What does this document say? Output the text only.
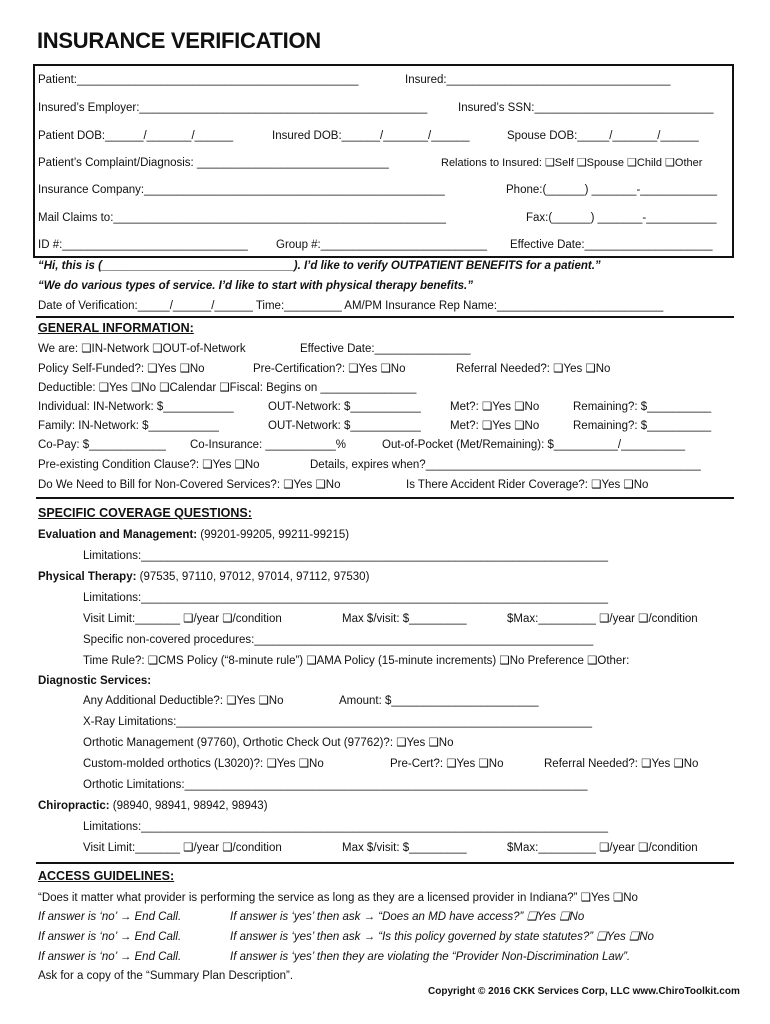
INSURANCE VERIFICATION
Patient:____________________________________________	Insured:___________________________________
Insured’s Employer:_____________________________________________	Insured’s SSN:____________________________
Patient DOB:______/_______/______	Insured DOB:______/_______/______	Spouse DOB:_____/_______/______
Patient’s Complaint/Diagnosis: ______________________________	Relations to Insured: ❑Self ❑Spouse ❑Child ❑Other
Insurance Company:_______________________________________________	Phone:(______) _______-____________
Mail Claims to:____________________________________________________	Fax:(______) _______-___________
ID #:_____________________________ Group #:__________________________ Effective Date:____________________
“Hi, this is (______________________________). I’d like to verify OUTPATIENT BENEFITS for a patient.”
“We do various types of service. I’d like to start with physical therapy benefits.”
Date of Verification:_____/______/______ Time:_________ AM/PM Insurance Rep Name:__________________________
GENERAL INFORMATION:
We are: ❑IN-Network ❑OUT-of-Network	Effective Date:_______________
Policy Self-Funded?: ❑Yes ❑No	Pre-Certification?: ❑Yes ❑No	Referral Needed?: ❑Yes ❑No
Deductible: ❑Yes ❑No ❑Calendar ❑Fiscal: Begins on _______________
Individual: IN-Network: $___________	OUT-Network: $___________	Met?: ❑Yes ❑No	Remaining?: $__________
Family: IN-Network: $___________	OUT-Network: $___________	Met?: ❑Yes ❑No	Remaining?: $__________
Co-Pay: $____________ Co-Insurance: ___________%	Out-of-Pocket (Met/Remaining): $__________/__________
Pre-existing Condition Clause?: ❑Yes ❑No	Details, expires when?___________________________________________
Do We Need to Bill for Non-Covered Services?: ❑Yes ❑No	Is There Accident Rider Coverage?: ❑Yes ❑No
SPECIFIC COVERAGE QUESTIONS:
Evaluation and Management: (99201-99205, 99211-99215)
Limitations:_________________________________________________________________________
Physical Therapy: (97535, 97110, 97012, 97014, 97112, 97530)
Limitations:_________________________________________________________________________
Visit Limit:_______ ❑/year ❑/condition	Max $/visit: $_________	$Max:_________ ❑/year ❑/condition
Specific non-covered procedures:_____________________________________________________
Time Rule?: ❑CMS Policy (“8-minute rule”) ❑AMA Policy (15-minute increments) ❑No Preference ❑Other:
Diagnostic Services:
Any Additional Deductible?: ❑Yes ❑No	Amount: $_______________________
X-Ray Limitations:_________________________________________________________________
Orthotic Management (97760), Orthotic Check Out (97762)?: ❑Yes ❑No
Custom-molded orthotics (L3020)?: ❑Yes ❑No	Pre-Cert?: ❑Yes ❑No	Referral Needed?: ❑Yes ❑No
Orthotic Limitations:_______________________________________________________________
Chiropractic: (98940, 98941, 98942, 98943)
Limitations:_________________________________________________________________________
Visit Limit:_______ ❑/year ❑/condition	Max $/visit: $_________	$Max:_________ ❑/year ❑/condition
ACCESS GUIDELINES:
“Does it matter what provider is performing the service as long as they are a licensed provider in Indiana?” ❑Yes ❑No
If answer is ‘no’ → End Call.	If answer is ‘yes’ then ask → “Does an MD have access?” ❑Yes ❑No
If answer is ‘no’ → End Call.	If answer is ‘yes’ then ask → “Is this policy governed by state statutes?” ❑Yes ❑No
If answer is ‘no’ → End Call.	If answer is ‘yes’ then they are violating the “Provider Non-Discrimination Law”.
Ask for a copy of the “Summary Plan Description”.
Copyright © 2016 CKK Services Corp, LLC www.ChiroToolkit.com
